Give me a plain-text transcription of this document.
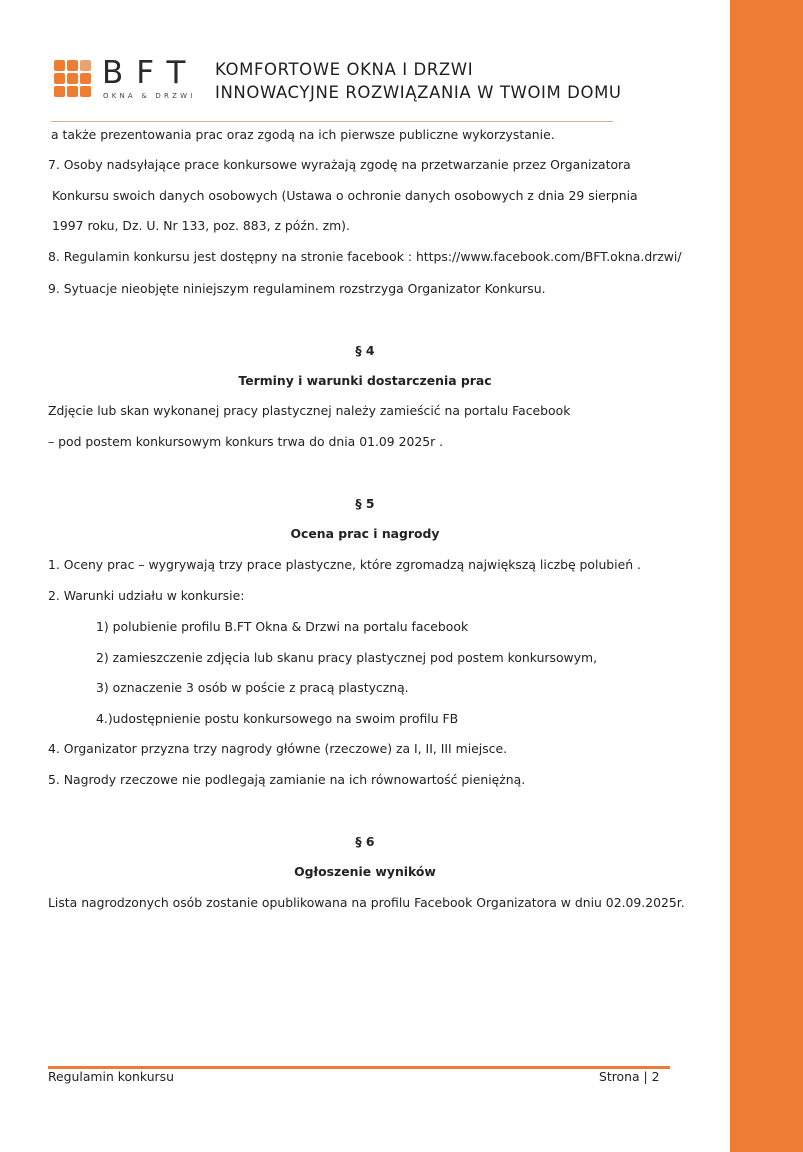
BFT
OKNA & DRZWI
KOMFORTOWE OKNA I DRZWI
INNOWACYJNE ROZWIĄZANIA W TWOIM DOMU
a także prezentowania prac oraz zgodą na ich pierwsze publiczne wykorzystanie.
7. Osoby nadsyłające prace konkursowe wyrażają zgodę na przetwarzanie przez Organizatora
Konkursu swoich danych osobowych (Ustawa o ochronie danych osobowych z dnia 29 sierpnia
1997 roku, Dz. U. Nr 133, poz. 883, z późn. zm).
8. Regulamin konkursu jest dostępny na stronie facebook : https://www.facebook.com/BFT.okna.drzwi/
9. Sytuacje nieobjęte niniejszym regulaminem rozstrzyga Organizator Konkursu.
§ 4
Terminy i warunki dostarczenia prac
Zdjęcie lub skan wykonanej pracy plastycznej należy zamieścić na portalu Facebook
– pod postem konkursowym konkurs trwa do dnia 01.09 2025r .
§ 5
Ocena prac i nagrody
1. Oceny prac – wygrywają trzy prace plastyczne, które zgromadzą największą liczbę polubień .
2. Warunki udziału w konkursie:
1) polubienie profilu B.FT Okna & Drzwi na portalu facebook
2) zamieszczenie zdjęcia lub skanu pracy plastycznej pod postem konkursowym,
3) oznaczenie 3 osób w poście z pracą plastyczną.
4.)udostępnienie postu konkursowego na swoim profilu FB
4. Organizator przyzna trzy nagrody główne (rzeczowe) za I, II, III miejsce.
5. Nagrody rzeczowe nie podlegają zamianie na ich równowartość pieniężną.
§ 6
Ogłoszenie wyników
Lista nagrodzonych osób zostanie opublikowana na profilu Facebook Organizatora w dniu 02.09.2025r.
Regulamin konkursu	Strona | 2
